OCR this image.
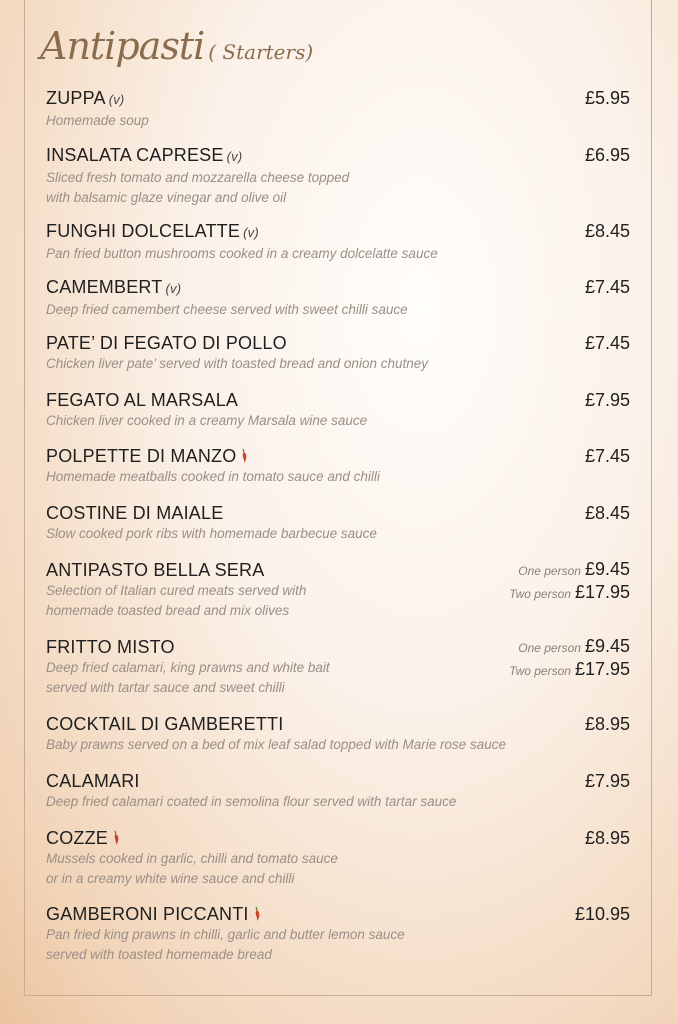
Antipasti ( Starters)
ZUPPA (v)
Homemade soup
£5.95
INSALATA CAPRESE (v)
Sliced fresh tomato and mozzarella cheese topped
with balsamic glaze vinegar and olive oil
£6.95
FUNGHI DOLCELATTE (v)
Pan fried button mushrooms cooked in a creamy dolcelatte sauce
£8.45
CAMEMBERT (v)
Deep fried camembert cheese served with sweet chilli sauce
£7.45
PATE’ DI FEGATO DI POLLO
Chicken liver pate’ served with toasted bread and onion chutney
£7.45
FEGATO AL MARSALA
Chicken liver cooked in a creamy Marsala wine sauce
£7.95
POLPETTE DI MANZO
Homemade meatballs cooked in tomato sauce and chilli
£7.45
COSTINE DI MAIALE
Slow cooked pork ribs with homemade barbecue sauce
£8.45
ANTIPASTO BELLA SERA
Selection of Italian cured meats served with
homemade toasted bread and mix olives
One person £9.45
Two person £17.95
FRITTO MISTO
Deep fried calamari, king prawns and white bait
served with tartar sauce and sweet chilli
One person £9.45
Two person £17.95
COCKTAIL DI GAMBERETTI
Baby prawns served on a bed of mix leaf salad topped with Marie rose sauce
£8.95
CALAMARI
Deep fried calamari coated in semolina flour served with tartar sauce
£7.95
COZZE
Mussels cooked in garlic, chilli and tomato sauce
or in a creamy white wine sauce and chilli
£8.95
GAMBERONI PICCANTI
Pan fried king prawns in chilli, garlic and butter lemon sauce
served with toasted homemade bread
£10.95
